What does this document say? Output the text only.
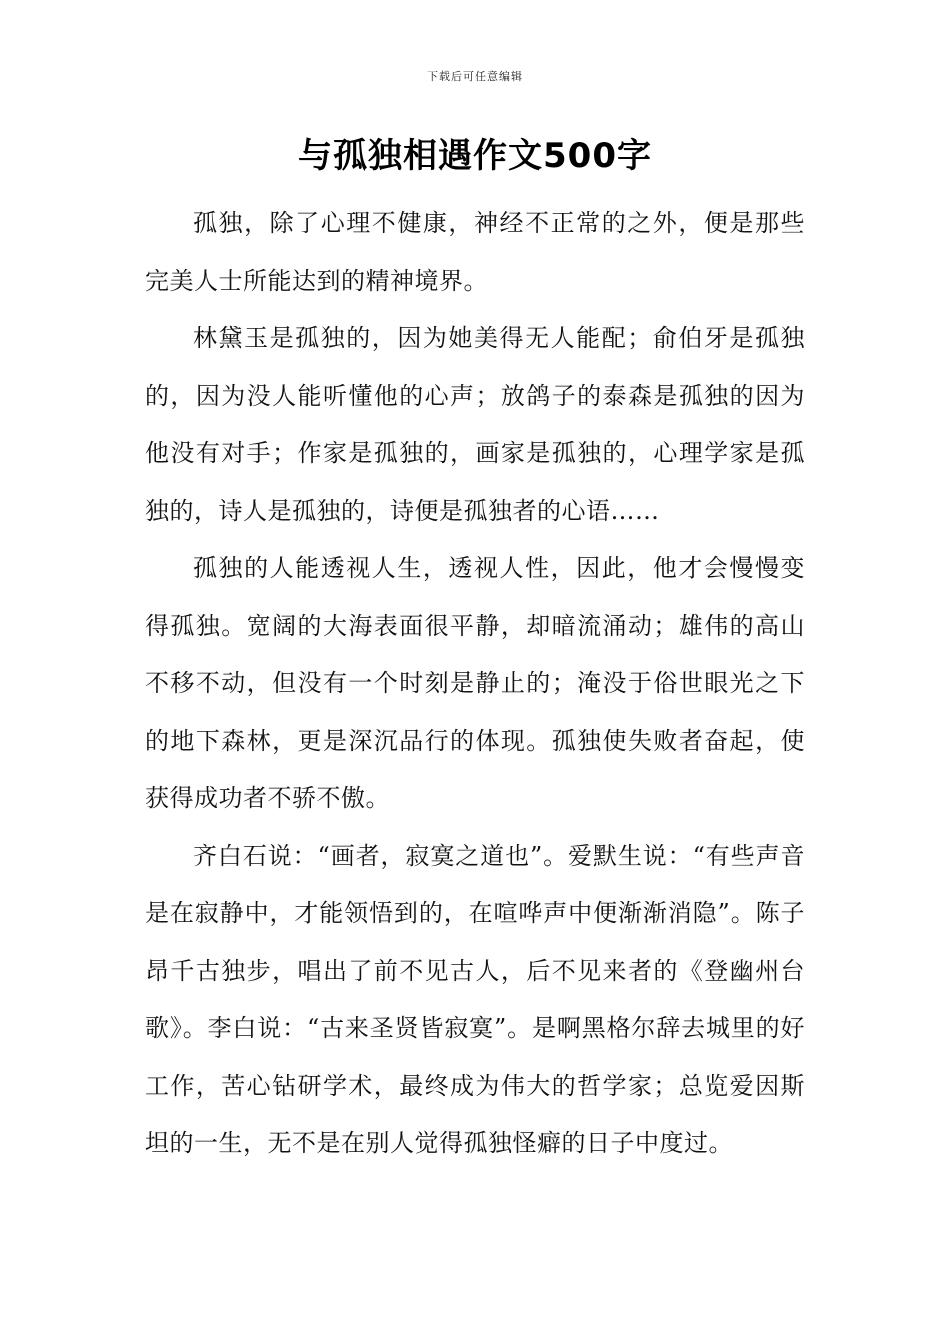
下载后可任意编辑
与孤独相遇作文500字

孤独，除了心理不健康，神经不正常的之外，便是那些完美人士所能达到的精神境界。

林黛玉是孤独的，因为她美得无人能配；俞伯牙是孤独的，因为没人能听懂他的心声；放鸽子的泰森是孤独的因为他没有对手；作家是孤独的，画家是孤独的，心理学家是孤独的，诗人是孤独的，诗便是孤独者的心语……

孤独的人能透视人生，透视人性，因此，他才会慢慢变得孤独。宽阔的大海表面很平静，却暗流涌动；雄伟的高山不移不动，但没有一个时刻是静止的；淹没于俗世眼光之下的地下森林，更是深沉品行的体现。孤独使失败者奋起，使获得成功者不骄不傲。

齐白石说：“画者，寂寞之道也”。爱默生说：“有些声音是在寂静中，才能领悟到的，在喧哗声中便渐渐消隐”。陈子昂千古独步，唱出了前不见古人，后不见来者的《登幽州台歌》。李白说：“古来圣贤皆寂寞”。是啊黑格尔辞去城里的好工作，苦心钻研学术，最终成为伟大的哲学家；总览爱因斯坦的一生，无不是在别人觉得孤独怪癖的日子中度过。
